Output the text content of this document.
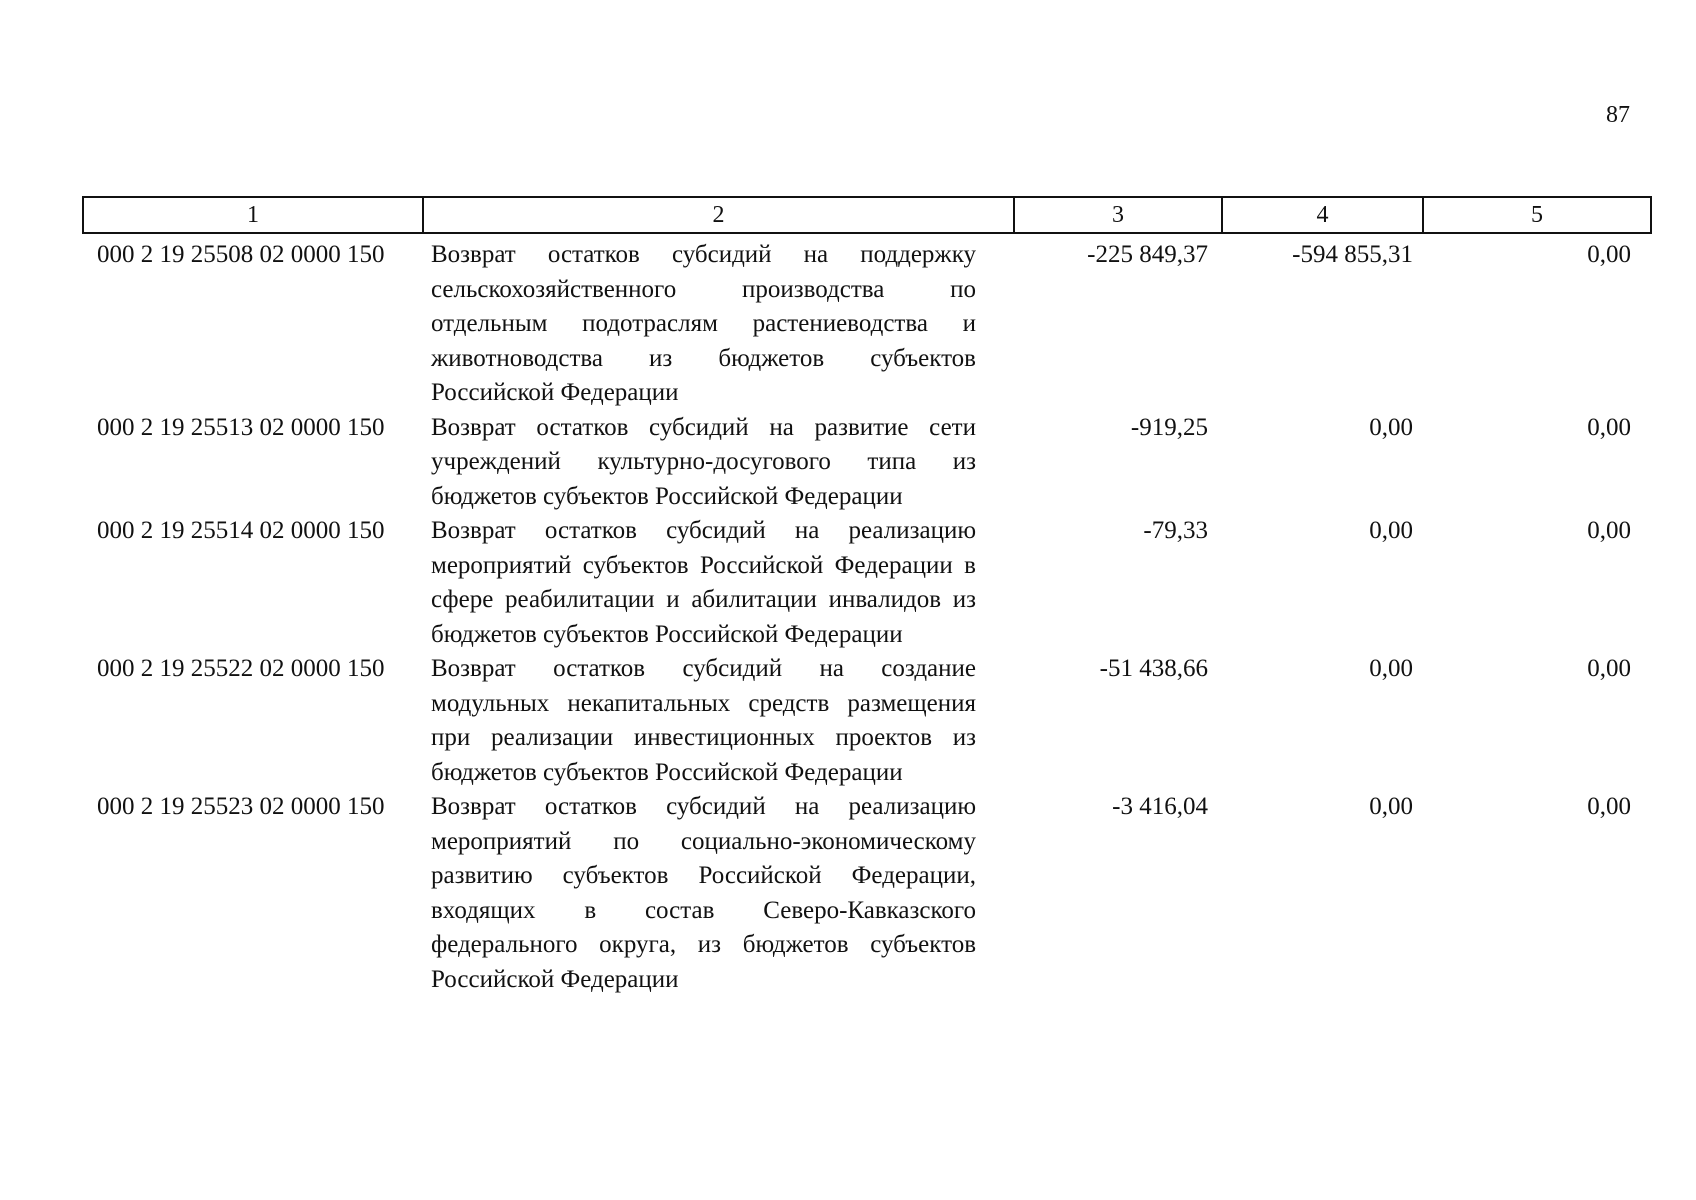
87
1	2	3	4	5
000 2 19 25508 02 0000 150	Возврат остатков субсидий на поддержку сельскохозяйственного производства по отдельным подотраслям растениеводства и животноводства из бюджетов субъектов Российской Федерации	-225 849,37	-594 855,31	0,00
000 2 19 25513 02 0000 150	Возврат остатков субсидий на развитие сети учреждений культурно-досугового типа из бюджетов субъектов Российской Федерации	-919,25	0,00	0,00
000 2 19 25514 02 0000 150	Возврат остатков субсидий на реализацию мероприятий субъектов Российской Федерации в сфере реабилитации и абилитации инвалидов из бюджетов субъектов Российской Федерации	-79,33	0,00	0,00
000 2 19 25522 02 0000 150	Возврат остатков субсидий на создание модульных некапитальных средств размещения при реализации инвестиционных проектов из бюджетов субъектов Российской Федерации	-51 438,66	0,00	0,00
000 2 19 25523 02 0000 150	Возврат остатков субсидий на реализацию мероприятий по социально-экономическому развитию субъектов Российской Федерации, входящих в состав Северо-Кавказского федерального округа, из бюджетов субъектов Российской Федерации	-3 416,04	0,00	0,00
